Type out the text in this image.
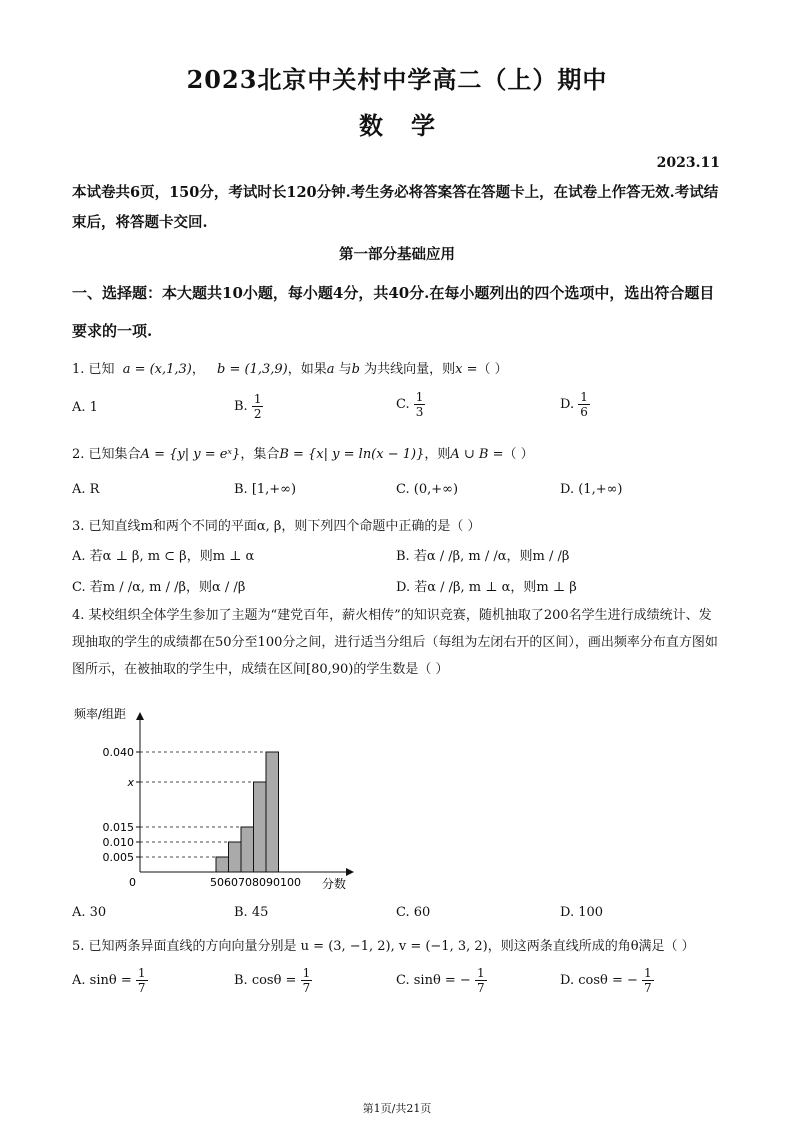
2023北京中关村中学高二（上）期中
数学
2023.11
本试卷共6页，150分，考试时长120分钟.考生务必将答案答在答题卡上，在试卷上作答无效.考试结束后，将答题卡交回.
第一部分基础应用
一、选择题：本大题共10小题，每小题4分，共40分.在每小题列出的四个选项中，选出符合题目要求的一项.
1. 已知 a = (x,1,3)， b = (1,3,9)，如果a 与b 为共线向量，则x =（ ）
A. 1	B. $\frac{1}{2}$	C. $\frac{1}{3}$	D. $\frac{1}{6}$
2. 已知集合A = {y| y = eˣ}，集合B = {x| y = ln(x − 1)}，则A ∪ B =（ ）
A. R	B. [1,+∞)	C. (0,+∞)	D. (1,+∞)
3. 已知直线m和两个不同的平面α, β，则下列四个命题中正确的是（ ）
A. 若α ⊥ β, m ⊂ β，则m ⊥ α	B. 若α / /β, m / /α，则m / /β
C. 若m / /α, m / /β，则α / /β	D. 若α / /β, m ⊥ α，则m ⊥ β
4. 某校组织全体学生参加了主题为“建党百年，薪火相传”的知识竞赛，随机抽取了200名学生进行成绩统计、发现抽取的学生的成绩都在50分至100分之间，进行适当分组后（每组为左闭右开的区间），画出频率分布直方图如图所示，在被抽取的学生中，成绩在区间[80,90)的学生数是（ ）
频率/组距
0.005
0.010
0.015
x
0.040
0	5060708090100 分数
A. 30	B. 45	C. 60	D. 100
5. 已知两条异面直线的方向向量分别是 u = (3, −1, 2), v = (−1, 3, 2)，则这两条直线所成的角θ满足（ ）
A. $\sin\theta = \frac{1}{7}$	B. $\cos\theta = \frac{1}{7}$	C. sinθ = − $\frac{1}{7}$	D. cosθ = − $\frac{1}{7}$
第1页/共21页
